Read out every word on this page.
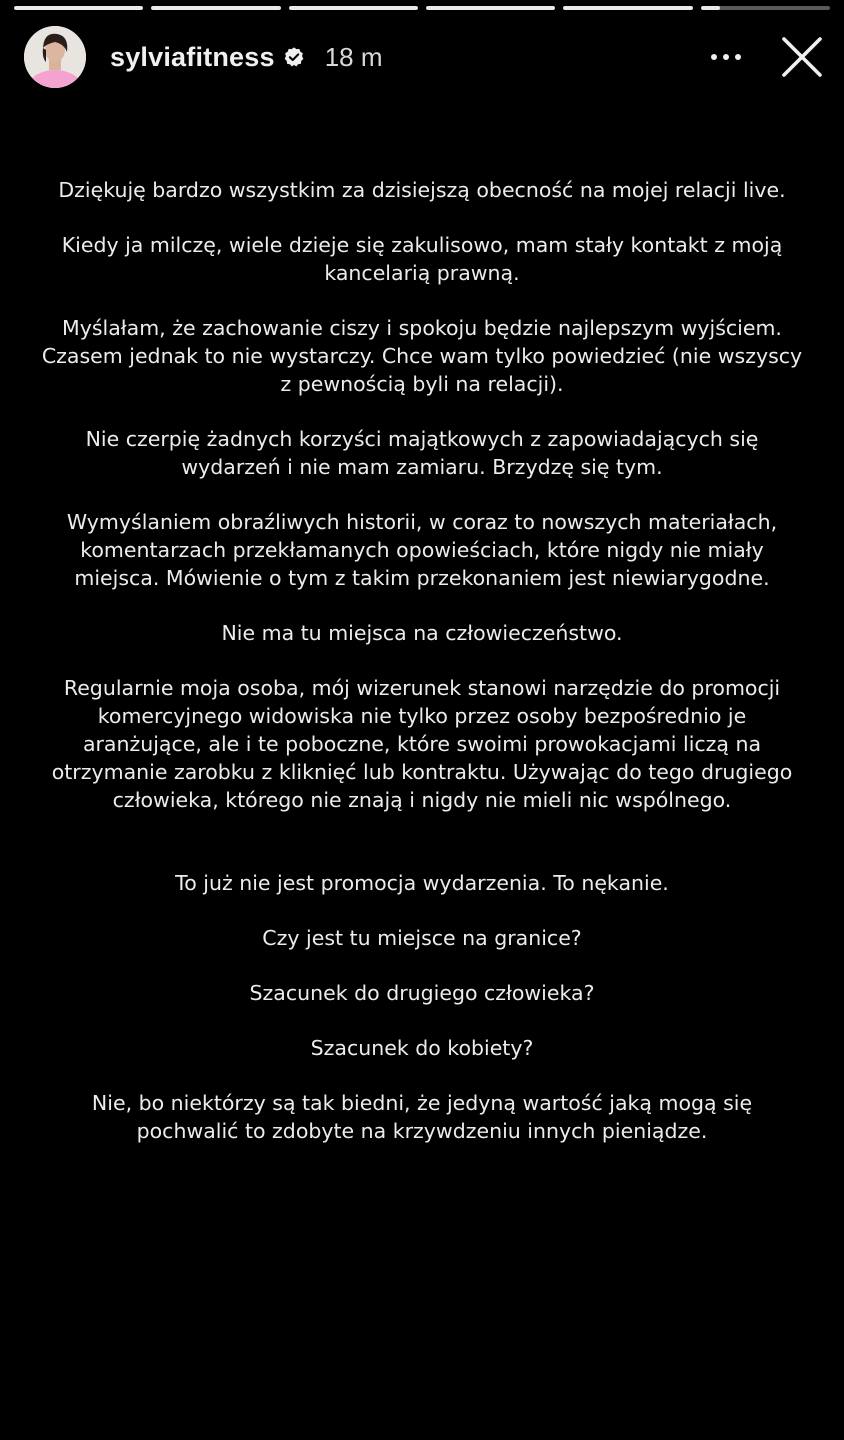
sylviafitness 18 m

Dziękuję bardzo wszystkim za dzisiejszą obecność na mojej relacji live.

Kiedy ja milczę, wiele dzieje się zakulisowo, mam stały kontakt z moją
kancelarią prawną.

Myślałam, że zachowanie ciszy i spokoju będzie najlepszym wyjściem.
Czasem jednak to nie wystarczy. Chce wam tylko powiedzieć (nie wszyscy
z pewnością byli na relacji).

Nie czerpię żadnych korzyści majątkowych z zapowiadających się
wydarzeń i nie mam zamiaru. Brzydzę się tym.

Wymyślaniem obraźliwych historii, w coraz to nowszych materiałach,
komentarzach przekłamanych opowieściach, które nigdy nie miały
miejsca. Mówienie o tym z takim przekonaniem jest niewiarygodne.

Nie ma tu miejsca na człowieczeństwo.

Regularnie moja osoba, mój wizerunek stanowi narzędzie do promocji
komercyjnego widowiska nie tylko przez osoby bezpośrednio je
aranżujące, ale i te poboczne, które swoimi prowokacjami liczą na
otrzymanie zarobku z kliknięć lub kontraktu. Używając do tego drugiego
człowieka, którego nie znają i nigdy nie mieli nic wspólnego.

To już nie jest promocja wydarzenia. To nękanie.

Czy jest tu miejsce na granice?

Szacunek do drugiego człowieka?

Szacunek do kobiety?

Nie, bo niektórzy są tak biedni, że jedyną wartość jaką mogą się
pochwalić to zdobyte na krzywdzeniu innych pieniądze.
